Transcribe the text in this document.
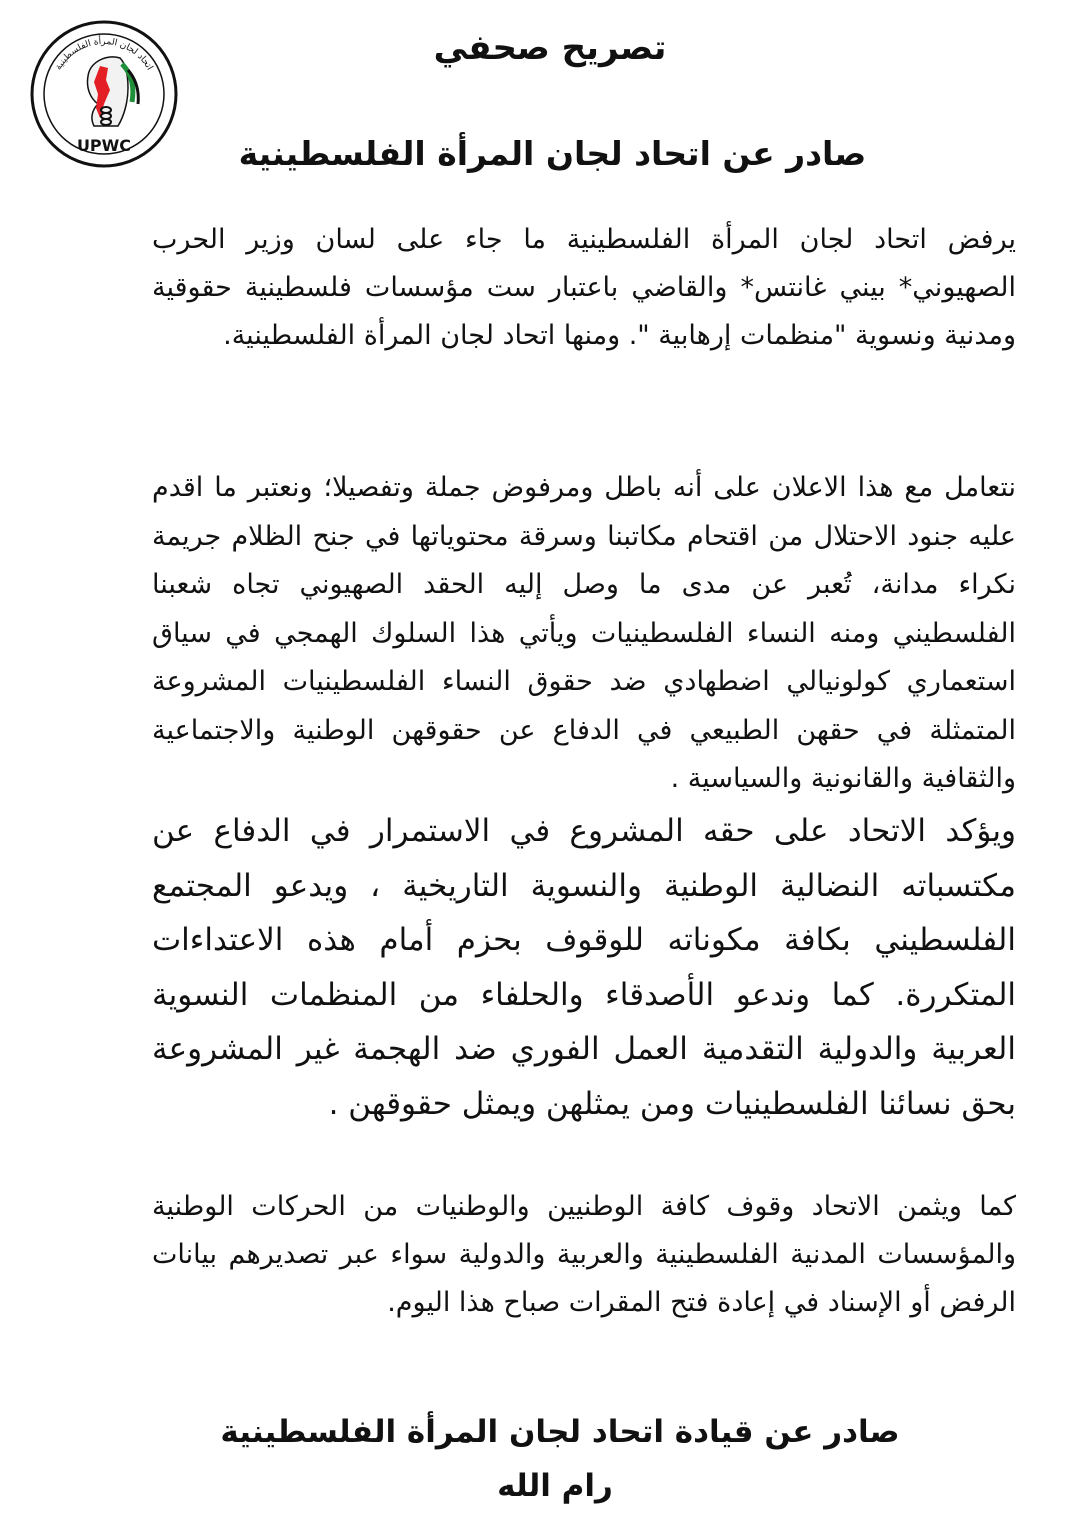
اتحاد لجان المرأة الفلسطينية
UPWC
تصريح صحفي
صادر عن اتحاد لجان المرأة الفلسطينية
يرفض اتحاد لجان المرأة الفلسطينية ما جاء على لسان وزير الحرب الصهيوني* بيني غانتس* والقاضي باعتبار ست مؤسسات فلسطينية حقوقية ومدنية ونسوية "منظمات إرهابية ". ومنها اتحاد لجان المرأة الفلسطينية.
نتعامل مع هذا الاعلان على أنه باطل ومرفوض جملة وتفصيلا؛ ونعتبر ما اقدم عليه جنود الاحتلال من اقتحام مكاتبنا وسرقة محتوياتها في جنح الظلام جريمة نكراء مدانة، تُعبر عن مدى ما وصل إليه الحقد الصهيوني تجاه شعبنا الفلسطيني ومنه النساء الفلسطينيات ويأتي هذا السلوك الهمجي في سياق استعماري كولونيالي اضطهادي ضد حقوق النساء الفلسطينيات المشروعة المتمثلة في حقهن الطبيعي في الدفاع عن حقوقهن الوطنية والاجتماعية والثقافية والقانونية والسياسية .
ويؤكد الاتحاد على حقه المشروع في الاستمرار في الدفاع عن مكتسباته النضالية الوطنية والنسوية التاريخية ، ويدعو المجتمع الفلسطيني بكافة مكوناته للوقوف بحزم أمام هذه الاعتداءات المتكررة. كما وندعو الأصدقاء والحلفاء من المنظمات النسوية العربية والدولية التقدمية العمل الفوري ضد الهجمة غير المشروعة بحق نسائنا الفلسطينيات ومن يمثلهن ويمثل حقوقهن .
كما ويثمن الاتحاد وقوف كافة الوطنيين والوطنيات من الحركات الوطنية والمؤسسات المدنية الفلسطينية والعربية والدولية سواء عبر تصديرهم بيانات الرفض أو الإسناد في إعادة فتح المقرات صباح هذا اليوم.
صادر عن قيادة اتحاد لجان المرأة الفلسطينية
رام الله
